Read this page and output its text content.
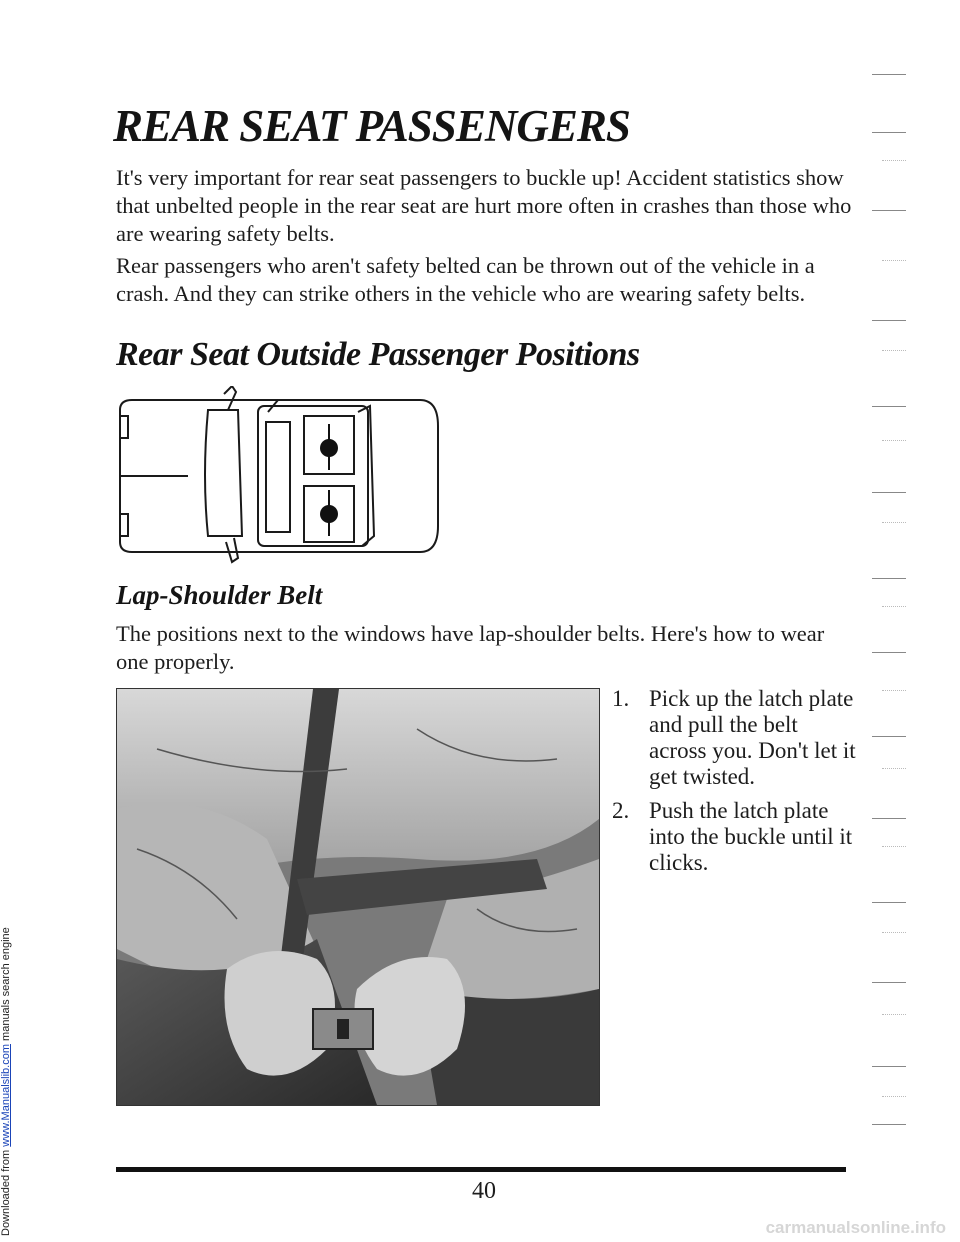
Downloaded from www.Manualslib.com manuals search engine
REAR SEAT PASSENGERS

It's very important for rear seat passengers to buckle up! Accident statistics show that unbelted people in the rear seat are hurt more often in crashes than those who are wearing safety belts.

Rear passengers who aren't safety belted can be thrown out of the vehicle in a crash. And they can strike others in the vehicle who are wearing safety belts.

Rear Seat Outside Passenger Positions
Lap-Shoulder Belt

The positions next to the windows have lap-shoulder belts. Here's how to wear one properly.

1. Pick up the latch plate and pull the belt across you. Don't let it get twisted.
2. Push the latch plate into the buckle until it clicks.
40
carmanualsonline.info
